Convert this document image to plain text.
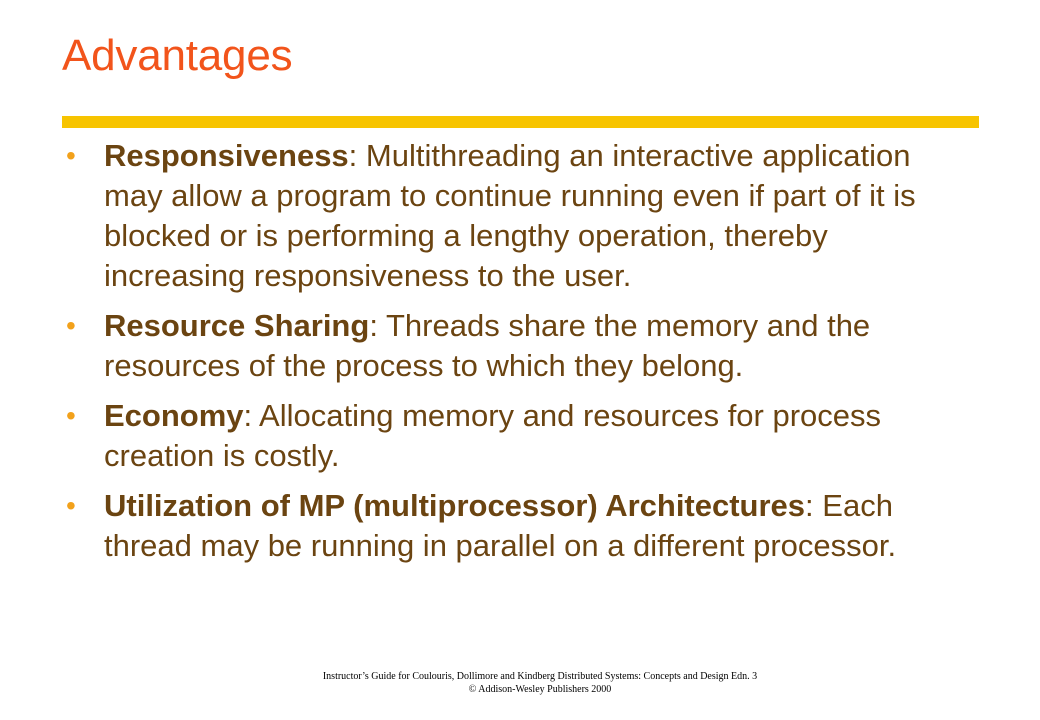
Advantages
• Responsiveness: Multithreading an interactive application may allow a program to continue running even if part of it is blocked or is performing a lengthy operation, thereby increasing responsiveness to the user.
• Resource Sharing: Threads share the memory and the resources of the process to which they belong.
• Economy: Allocating memory and resources for process creation is costly.
• Utilization of MP (multiprocessor) Architectures: Each thread may be running in parallel on a different processor.
Instructor’s Guide for Coulouris, Dollimore and Kindberg Distributed Systems: Concepts and Design Edn. 3
© Addison-Wesley Publishers 2000
